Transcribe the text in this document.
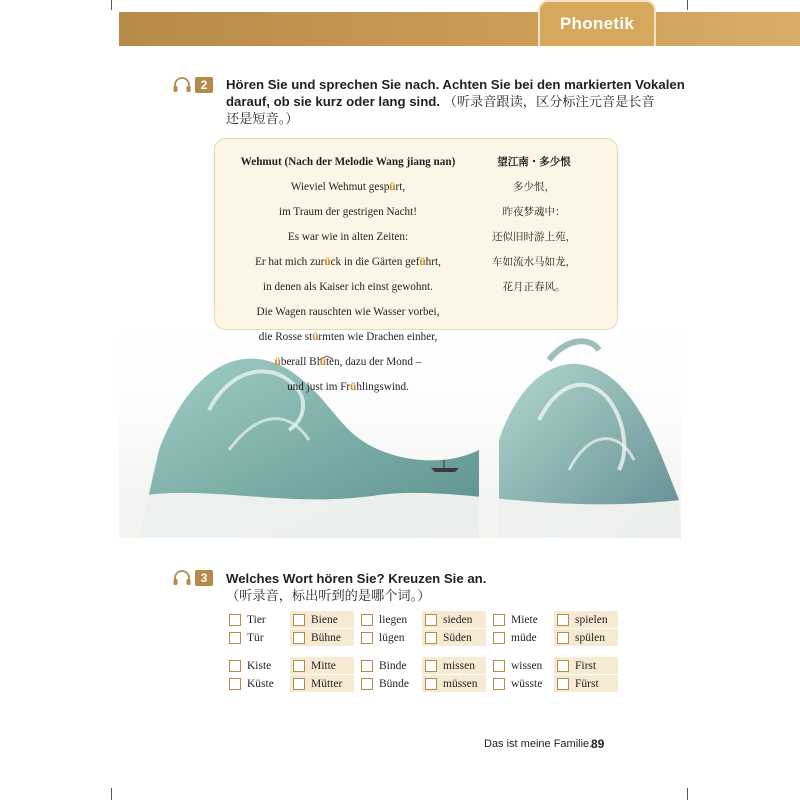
Phonetik
2	Hören Sie und sprechen Sie nach. Achten Sie bei den markierten Vokalen
darauf, ob sie kurz oder lang sind. （听录音跟读，区分标注元音是长音
还是短音。）
Wehmut (Nach der Melodie Wang jiang nan)
Wieviel Wehmut gespürt,
im Traum der gestrigen Nacht!
Es war wie in alten Zeiten:
Er hat mich zurück in die Gärten geführt,
in denen als Kaiser ich einst gewohnt.
Die Wagen rauschten wie Wasser vorbei,
die Rosse stürmten wie Drachen einher,
überall Blüten, dazu der Mond –
und just im Frühlingswind.
望江南・多少恨
多少恨，
昨夜梦魂中：
还似旧时游上苑，
车如流水马如龙，
花月正春风。
3	Welches Wort hören Sie? Kreuzen Sie an.
（听录音，标出听到的是哪个词。）
Tier	Biene	liegen	sieden	Miete	spielen
Tür	Bühne	lügen	Süden	müde	spülen
Kiste	Mitte	Binde	missen	wissen	First
Küste	Mütter	Bünde	müssen	wüsste	Fürst
Das ist meine Familie.
89
